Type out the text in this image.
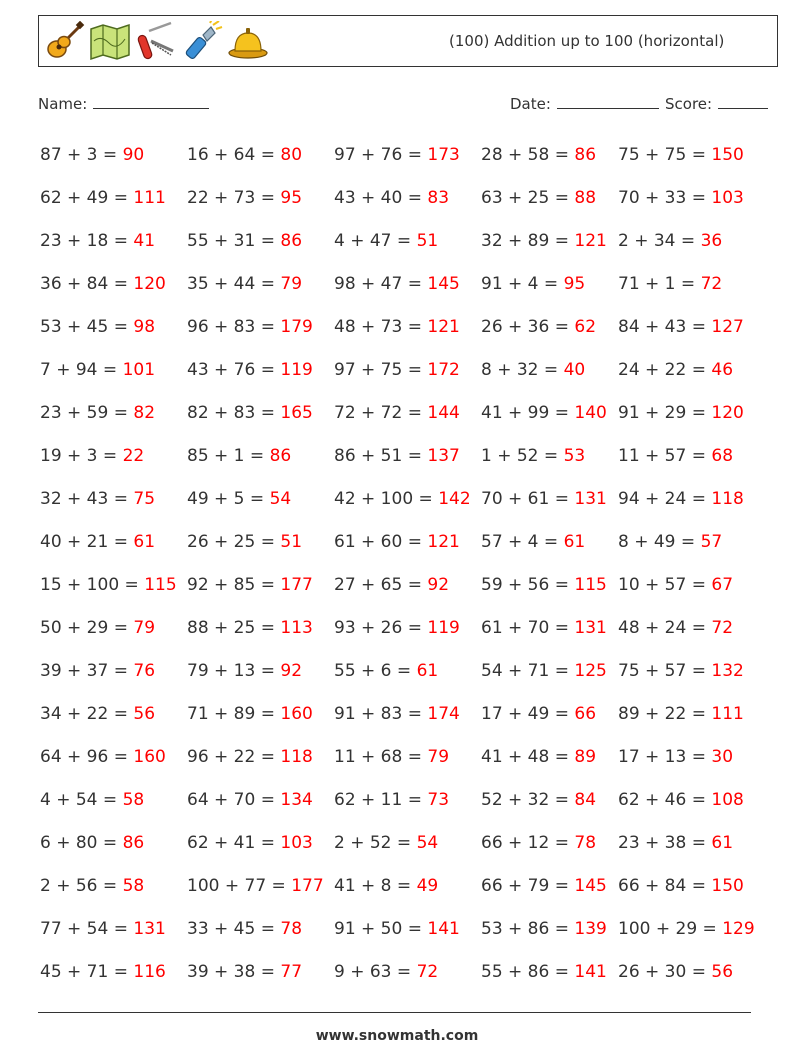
(100) Addition up to 100 (horizontal)
Name:	Date:	Score:
87 + 3 = 90	16 + 64 = 80	97 + 76 = 173	28 + 58 = 86	75 + 75 = 150
62 + 49 = 111	22 + 73 = 95	43 + 40 = 83	63 + 25 = 88	70 + 33 = 103
23 + 18 = 41	55 + 31 = 86	4 + 47 = 51	32 + 89 = 121 2 + 34 = 36
36 + 84 = 120	35 + 44 = 79	98 + 47 = 145	91 + 4 = 95	71 + 1 = 72
53 + 45 = 98	96 + 83 = 179	48 + 73 = 121	26 + 36 = 62	84 + 43 = 127
7 + 94 = 101	43 + 76 = 119	97 + 75 = 172	8 + 32 = 40	24 + 22 = 46
23 + 59 = 82	82 + 83 = 165	72 + 72 = 144	41 + 99 = 140 91 + 29 = 120
19 + 3 = 22	85 + 1 = 86	86 + 51 = 137	1 + 52 = 53	11 + 57 = 68
32 + 43 = 75	49 + 5 = 54	42 + 100 = 142 70 + 61 = 131 94 + 24 = 118
40 + 21 = 61	26 + 25 = 51	61 + 60 = 121	57 + 4 = 61	8 + 49 = 57
15 + 100 = 115 92 + 85 = 177	27 + 65 = 92	59 + 56 = 115 10 + 57 = 67
50 + 29 = 79	88 + 25 = 113	93 + 26 = 119	61 + 70 = 131 48 + 24 = 72
39 + 37 = 76	79 + 13 = 92	55 + 6 = 61	54 + 71 = 125 75 + 57 = 132
34 + 22 = 56	71 + 89 = 160	91 + 83 = 174	17 + 49 = 66	89 + 22 = 111
64 + 96 = 160	96 + 22 = 118	11 + 68 = 79	41 + 48 = 89	17 + 13 = 30
4 + 54 = 58	64 + 70 = 134	62 + 11 = 73	52 + 32 = 84	62 + 46 = 108
6 + 80 = 86	62 + 41 = 103	2 + 52 = 54	66 + 12 = 78	23 + 38 = 61
2 + 56 = 58	100 + 77 = 177 41 + 8 = 49	66 + 79 = 145 66 + 84 = 150
77 + 54 = 131	33 + 45 = 78	91 + 50 = 141	53 + 86 = 139 100 + 29 = 129
45 + 71 = 116	39 + 38 = 77	9 + 63 = 72	55 + 86 = 141 26 + 30 = 56
www.snowmath.com
